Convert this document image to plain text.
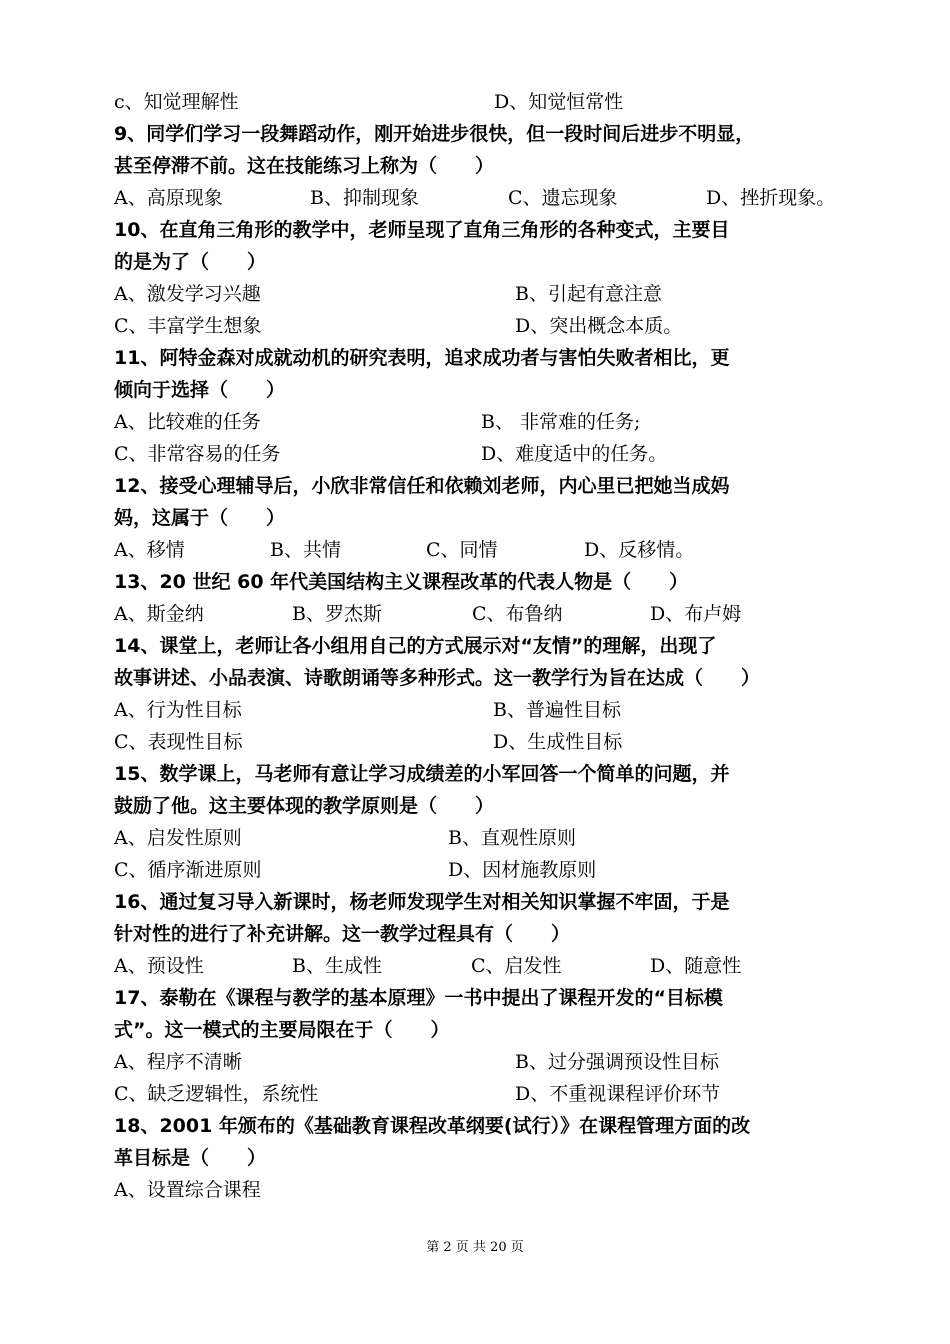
c、知觉理解性	D、知觉恒常性
9、同学们学习一段舞蹈动作，刚开始进步很快，但一段时间后进步不明显，
甚至停滞不前。这在技能练习上称为（　　）
A、高原现象	B、抑制现象	C、遗忘现象	D、挫折现象。
10、在直角三角形的教学中，老师呈现了直角三角形的各种变式，主要目
的是为了（　　）
A、激发学习兴趣	B、引起有意注意
C、丰富学生想象	D、突出概念本质。
11、阿特金森对成就动机的研究表明，追求成功者与害怕失败者相比，更
倾向于选择（　　）
A、比较难的任务	B、 非常难的任务;
C、非常容易的任务	D、难度适中的任务。
12、接受心理辅导后，小欣非常信任和依赖刘老师，内心里已把她当成妈
妈，这属于（　　）
A、移情	B、共情	C、同情	D、反移情。
13、20 世纪 60 年代美国结构主义课程改革的代表人物是（　　）
A、斯金纳	B、罗杰斯	C、布鲁纳	D、布卢姆
14、课堂上，老师让各小组用自己的方式展示对“友情”的理解，出现了
故事讲述、小品表演、诗歌朗诵等多种形式。这一教学行为旨在达成（　　）
A、行为性目标	B、普遍性目标
C、表现性目标	D、生成性目标
15、数学课上，马老师有意让学习成绩差的小军回答一个简单的问题，并
鼓励了他。这主要体现的教学原则是（　　）
A、启发性原则	B、直观性原则
C、循序渐进原则	D、因材施教原则
16、通过复习导入新课时，杨老师发现学生对相关知识掌握不牢固，于是
针对性的进行了补充讲解。这一教学过程具有（　　）
A、预设性	B、生成性	C、启发性	D、随意性
17、泰勒在《课程与教学的基本原理》一书中提出了课程开发的“目标模
式”。这一模式的主要局限在于（　　）
A、程序不清晰	B、过分强调预设性目标
C、缺乏逻辑性，系统性	D、不重视课程评价环节
18、2001 年颁布的《基础教育课程改革纲要(试行）》在课程管理方面的改
革目标是（　　）
A、设置综合课程
第 2 页 共 20 页
